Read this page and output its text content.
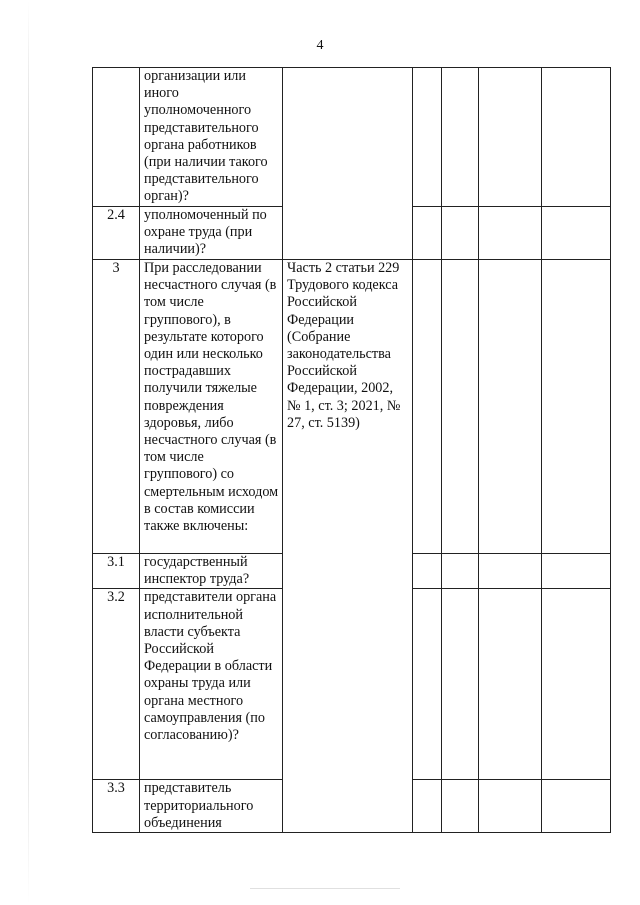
4
	организации или иного уполномоченного представительного органа работников (при наличии такого представительного орган)?						
2.4	уполномоченный по охране труда (при наличии)?						
3	При расследовании несчастного случая (в том числе группового), в результате которого один или несколько пострадавших получили тяжелые повреждения здоровья, либо несчастного случая (в том числе группового) со смертельным исходом в состав комиссии также включены:	Часть 2 статьи 229 Трудового кодекса Российской Федерации (Собрание законодательства Российской Федерации, 2002, № 1, ст. 3; 2021, № 27, ст. 5139)					
3.1	государственный инспектор труда?						
3.2	представители органа исполнительной власти субъекта Российской Федерации в области охраны труда или органа местного самоуправления (по согласованию)?						
3.3	представитель территориального объединения						
